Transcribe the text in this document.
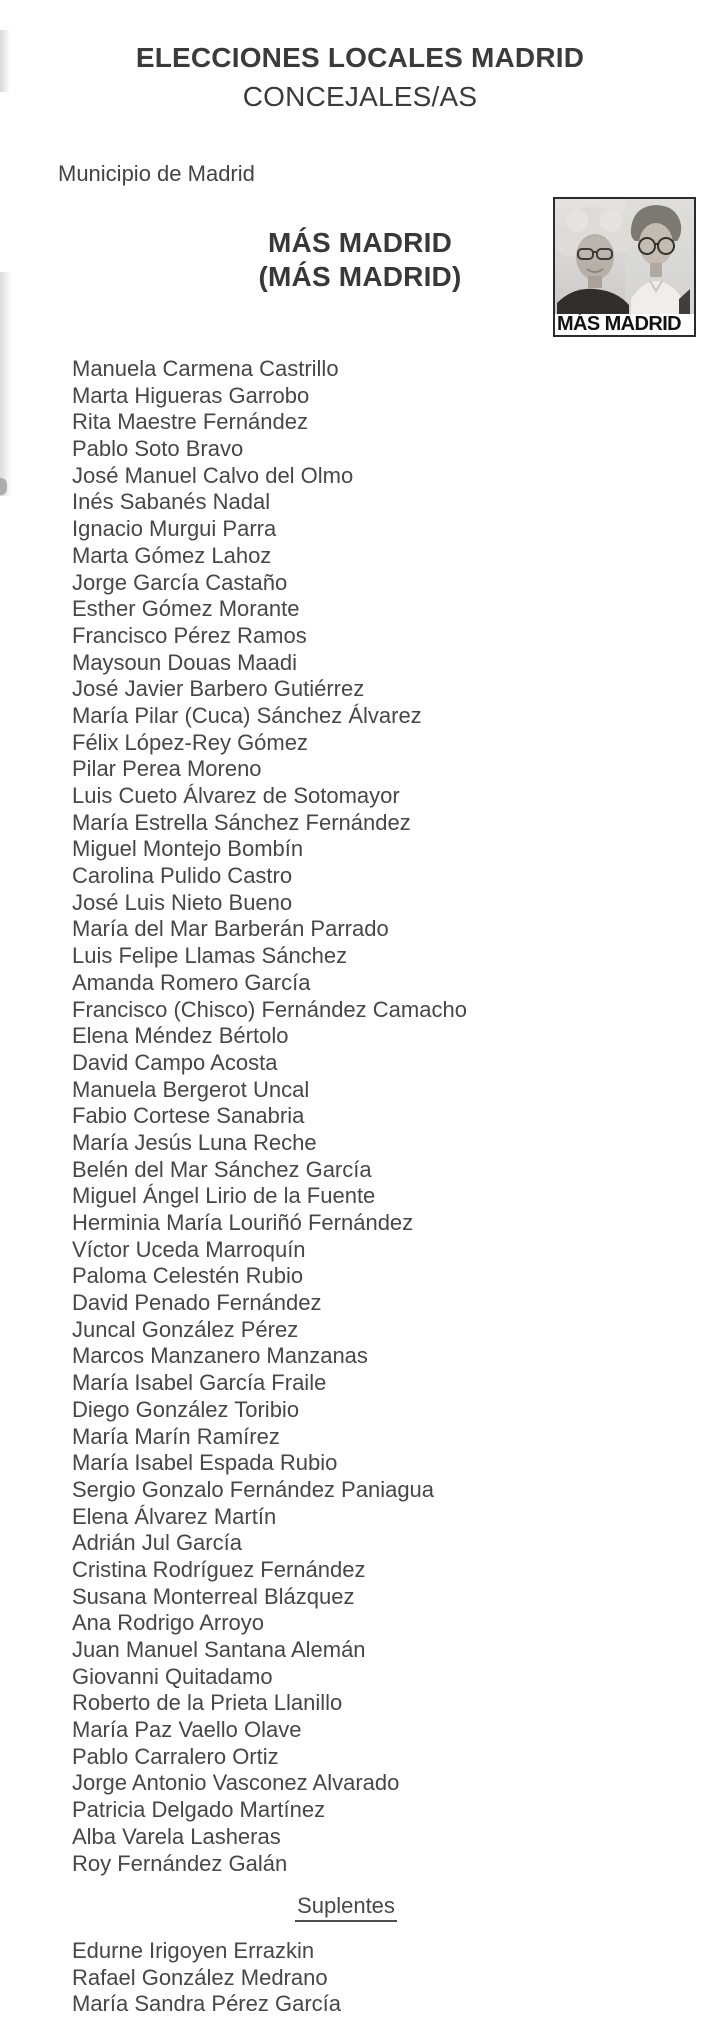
ELECCIONES LOCALES MADRID
CONCEJALES/AS
Municipio de Madrid
MÁS MADRID
(MÁS MADRID)
MÁS MADRID
Manuela Carmena Castrillo
Marta Higueras Garrobo
Rita Maestre Fernández
Pablo Soto Bravo
José Manuel Calvo del Olmo
Inés Sabanés Nadal
Ignacio Murgui Parra
Marta Gómez Lahoz
Jorge García Castaño
Esther Gómez Morante
Francisco Pérez Ramos
Maysoun Douas Maadi
José Javier Barbero Gutiérrez
María Pilar (Cuca) Sánchez Álvarez
Félix López-Rey Gómez
Pilar Perea Moreno
Luis Cueto Álvarez de Sotomayor
María Estrella Sánchez Fernández
Miguel Montejo Bombín
Carolina Pulido Castro
José Luis Nieto Bueno
María del Mar Barberán Parrado
Luis Felipe Llamas Sánchez
Amanda Romero García
Francisco (Chisco) Fernández Camacho
Elena Méndez Bértolo
David Campo Acosta
Manuela Bergerot Uncal
Fabio Cortese Sanabria
María Jesús Luna Reche
Belén del Mar Sánchez García
Miguel Ángel Lirio de la Fuente
Herminia María Louriñó Fernández
Víctor Uceda Marroquín
Paloma Celestén Rubio
David Penado Fernández
Juncal González Pérez
Marcos Manzanero Manzanas
María Isabel García Fraile
Diego González Toribio
María Marín Ramírez
María Isabel Espada Rubio
Sergio Gonzalo Fernández Paniagua
Elena Álvarez Martín
Adrián Jul García
Cristina Rodríguez Fernández
Susana Monterreal Blázquez
Ana Rodrigo Arroyo
Juan Manuel Santana Alemán
Giovanni Quitadamo
Roberto de la Prieta Llanillo
María Paz Vaello Olave
Pablo Carralero Ortiz
Jorge Antonio Vasconez Alvarado
Patricia Delgado Martínez
Alba Varela Lasheras
Roy Fernández Galán
Suplentes
Edurne Irigoyen Errazkin
Rafael González Medrano
María Sandra Pérez García
